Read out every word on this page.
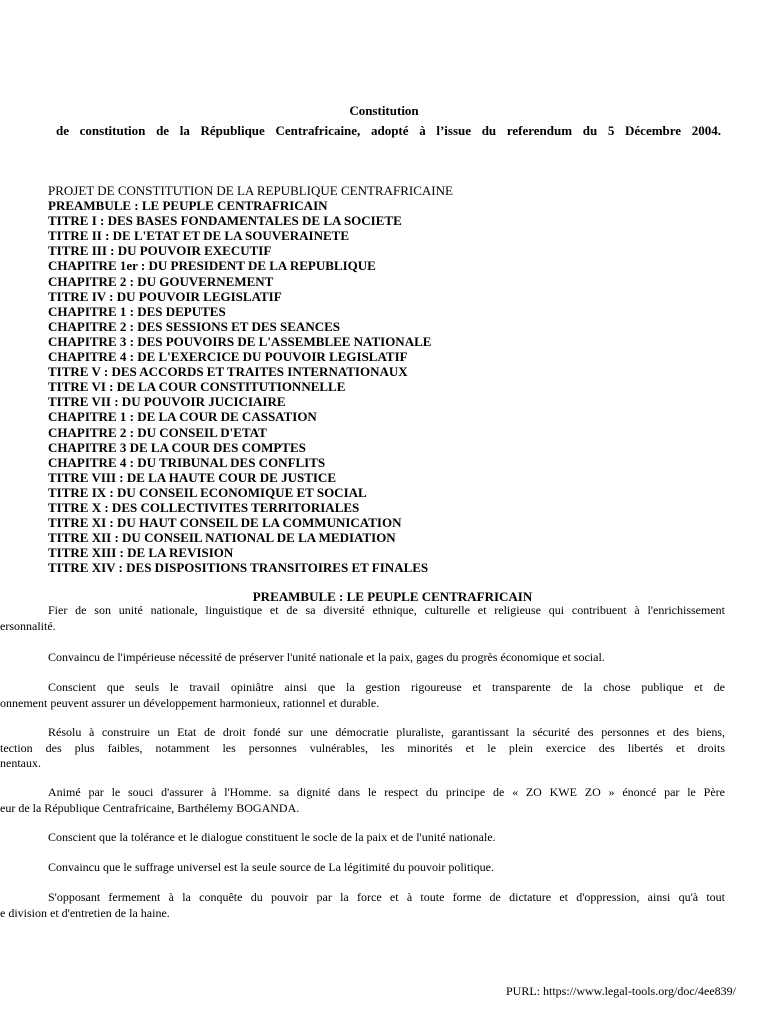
Constitution
de constitution de la République Centrafricaine, adopté à l’issue du referendum du 5 Décembre 2004.
PROJET DE CONSTITUTION DE LA REPUBLIQUE CENTRAFRICAINE
PREAMBULE : LE PEUPLE CENTRAFRICAIN
TITRE I : DES BASES FONDAMENTALES DE LA SOCIETE
TITRE II : DE L'ETAT ET DE LA SOUVERAINETE
TITRE III : DU POUVOIR EXECUTIF
CHAPITRE 1er : DU PRESIDENT DE LA REPUBLIQUE
CHAPITRE 2 : DU GOUVERNEMENT
TITRE IV : DU POUVOIR LEGISLATIF
CHAPITRE 1 : DES DEPUTES
CHAPITRE 2 : DES SESSIONS ET DES SEANCES
CHAPITRE 3 : DES POUVOIRS DE L'ASSEMBLEE NATIONALE
CHAPITRE 4 : DE L'EXERCICE DU POUVOIR LEGISLATIF
TITRE V : DES ACCORDS ET TRAITES INTERNATIONAUX
TITRE VI : DE LA COUR CONSTITUTIONNELLE
TITRE VII : DU POUVOIR JUCICIAIRE
CHAPITRE 1 : DE LA COUR DE CASSATION
CHAPITRE 2 : DU CONSEIL D'ETAT
CHAPITRE 3 DE LA COUR DES COMPTES
CHAPITRE 4 : DU TRIBUNAL DES CONFLITS
TITRE VIII : DE LA HAUTE COUR DE JUSTICE
TITRE IX : DU CONSEIL ECONOMIQUE ET SOCIAL
TITRE X : DES COLLECTIVITES TERRITORIALES
TITRE XI : DU HAUT CONSEIL DE LA COMMUNICATION
TITRE XII : DU CONSEIL NATIONAL DE LA MEDIATION
TITRE XIII : DE LA REVISION
TITRE XIV : DES DISPOSITIONS TRANSITOIRES ET FINALES
PREAMBULE : LE PEUPLE CENTRAFRICAIN
Fier de son unité nationale, linguistique et de sa diversité ethnique, culturelle et religieuse qui contribuent à l'enrichissement
ersonnalité.
Convaincu de l'impérieuse nécessité de préserver l'unité nationale et la paix, gages du progrès économique et social.
Conscient que seuls le travail opiniâtre ainsi que la gestion rigoureuse et transparente de la chose publique et de
onnement peuvent assurer un développement harmonieux, rationnel et durable.
Résolu à construire un Etat de droit fondé sur une démocratie pluraliste, garantissant la sécurité des personnes et des biens,
tection des plus faibles, notamment les personnes vulnérables, les minorités et le plein exercice des libertés et droits
nentaux.
Animé par le souci d'assurer à l'Homme. sa dignité dans le respect du principe de « ZO KWE ZO » énoncé par le Père
eur de la République Centrafricaine, Barthélemy BOGANDA.
Conscient que la tolérance et le dialogue constituent le socle de la paix et de l'unité nationale.
Convaincu que le suffrage universel est la seule source de La légitimité du pouvoir politique.
S'opposant fermement à la conquête du pouvoir par la force et à toute forme de dictature et d'oppression, ainsi qu'à tout
e division et d'entretien de la haine.
PURL: https://www.legal-tools.org/doc/4ee839/
